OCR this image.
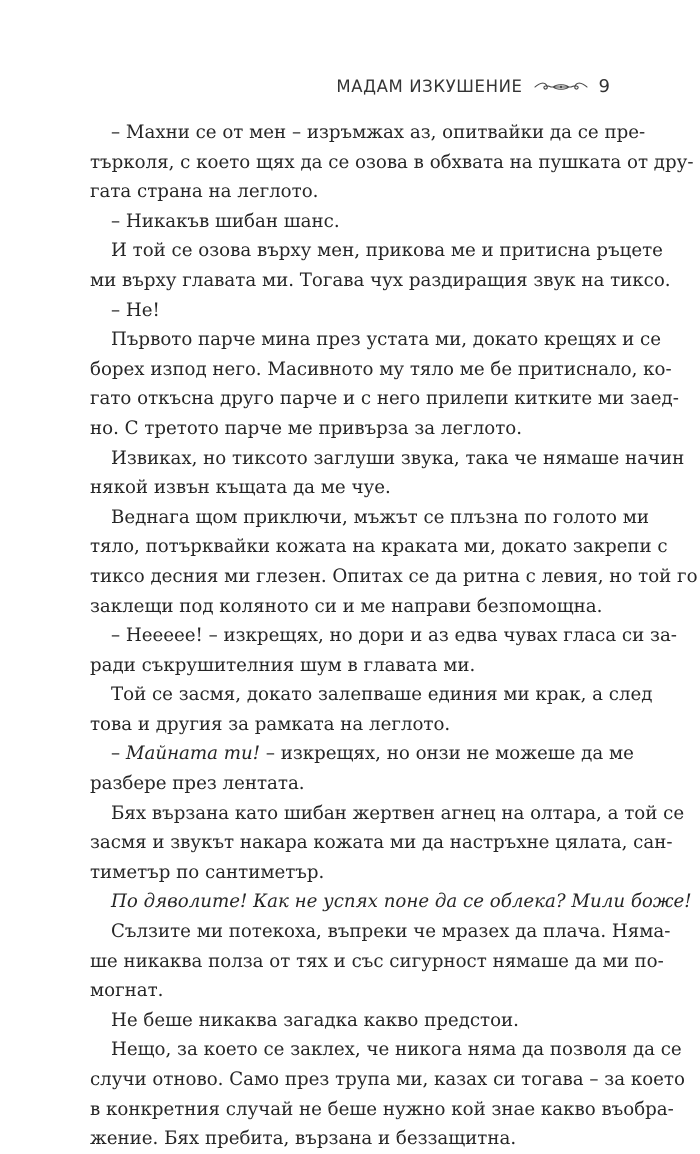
МАДАМ ИЗКУШЕНИЕ	9

– Махни се от мен – изръмжах аз, опитвайки да се пре-
търколя, с което щях да се озова в обхвата на пушката от дру-
гата страна на леглото.

– Никакъв шибан шанс.

И той се озова върху мен, прикова ме и притисна ръцете
ми върху главата ми. Тогава чух раздиращия звук на тиксо.

– Не!

Първото парче мина през устата ми, докато крещях и се
борех изпод него. Масивното му тяло ме бе притиснало, ко-
гато откъсна друго парче и с него прилепи китките ми заед-
но. С третото парче ме привърза за леглото.

Извиках, но тиксото заглуши звука, така че нямаше начин
някой извън къщата да ме чуе.

Веднага щом приключи, мъжът се плъзна по голото ми
тяло, потърквайки кожата на краката ми, докато закрепи с
тиксо десния ми глезен. Опитах се да ритна с левия, но той го
заклещи под коляното си и ме направи безпомощна.

– Неееее! – изкрещях, но дори и аз едва чувах гласа си за-
ради съкрушителния шум в главата ми.

Той се засмя, докато залепваше единия ми крак, а след
това и другия за рамката на леглото.

– Майната ти! – изкрещях, но онзи не можеше да ме
разбере през лентата.

Бях вързана като шибан жертвен агнец на олтара, а той се
засмя и звукът накара кожата ми да настръхне цялата, сан-
тиметър по сантиметър.

По дяволите! Как не успях поне да се облека? Мили боже!

Сълзите ми потекоха, въпреки че мразех да плача. Няма-
ше никаква полза от тях и със сигурност нямаше да ми по-
могнат.

Не беше никаква загадка какво предстои.

Нещо, за което се заклех, че никога няма да позволя да се
случи отново. Само през трупа ми, казах си тогава – за което
в конкретния случай не беше нужно кой знае какво въобра-
жение. Бях пребита, вързана и беззащитна.
